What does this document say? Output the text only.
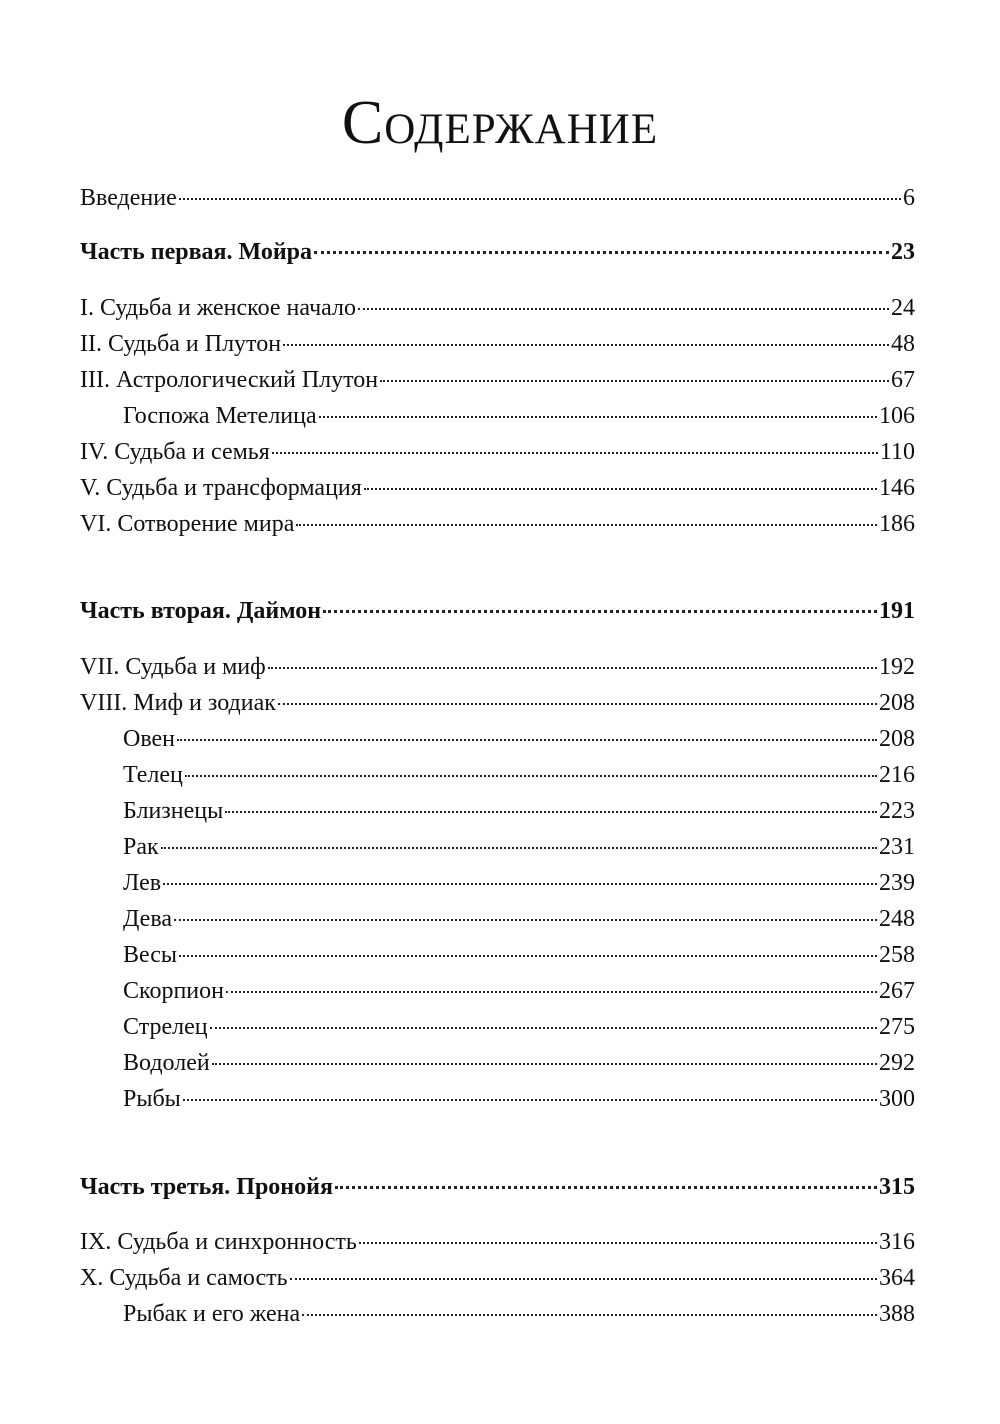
Содержание
Введение	6
Часть первая. Мойра	23
I. Судьба и женское начало	24
II. Судьба и Плутон	48
III. Астрологический Плутон	67
Госпожа Метелица	106
IV. Судьба и семья	110
V. Судьба и трансформация	146
VI. Сотворение мира	186
Часть вторая. Даймон	191
VII. Судьба и миф	192
VIII. Миф и зодиак	208
Овен	208
Телец	216
Близнецы	223
Рак	231
Лев	239
Дева	248
Весы	258
Скорпион	267
Стрелец	275
Водолей	292
Рыбы	300
Часть третья. Пронойя	315
IX. Судьба и синхронность	316
X. Судьба и самость	364
Рыбак и его жена	388
